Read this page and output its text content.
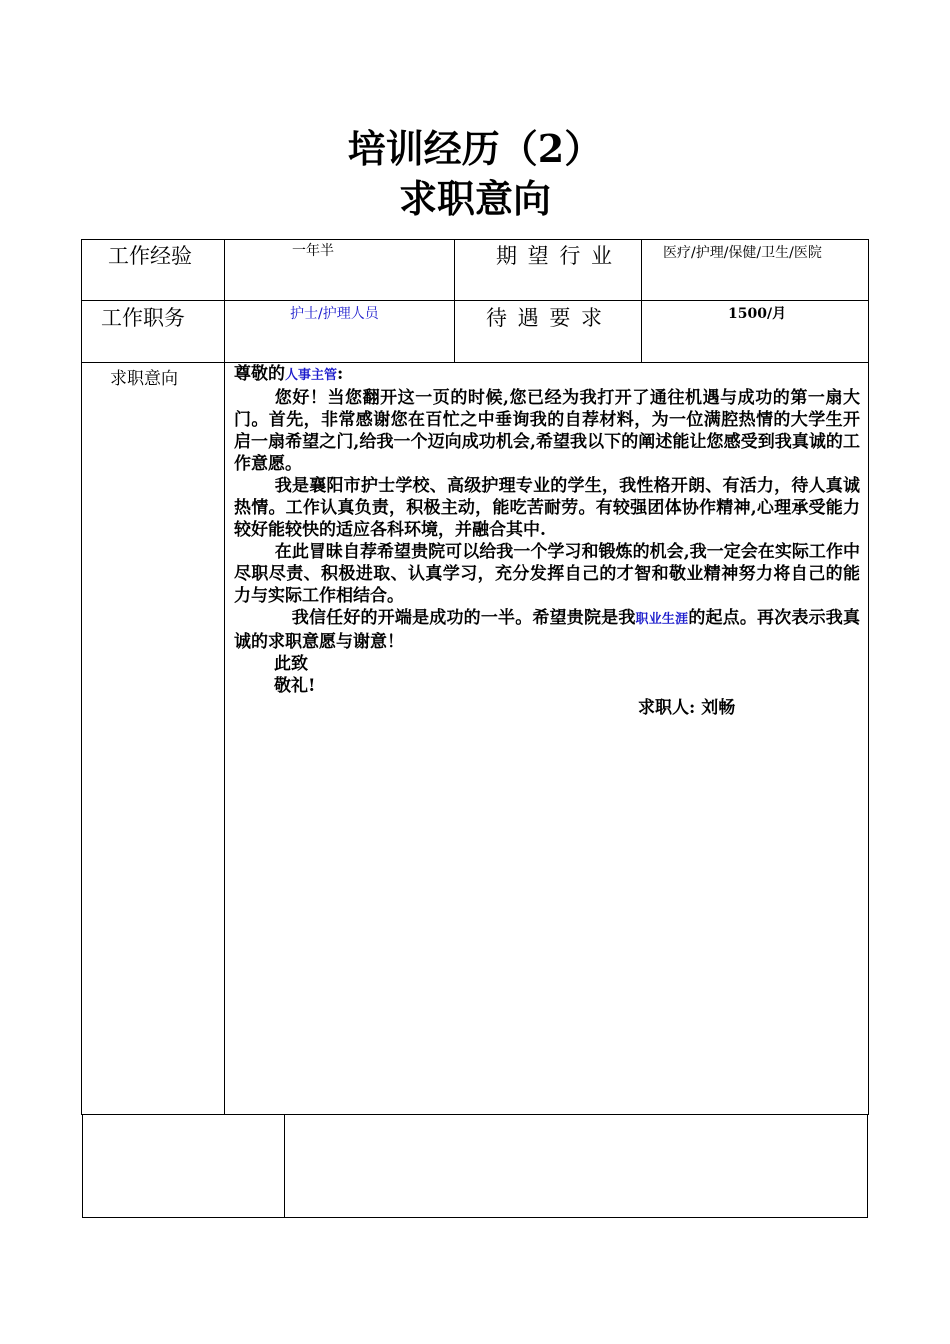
培训经历（2）
求职意向
工作经验	一年半	期 望 行 业	医疗/护理/保健/卫生/医院
工作职务	护士/护理人员	待 遇 要 求	1500/月
求职意向	尊敬的人事主管:

您好！当您翻开这一页的时候,您已经为我打开了通往机遇与成功的第一扇大门。首先，非常感谢您在百忙之中垂询我的自荐材料，为一位满腔热情的大学生开启一扇希望之门,给我一个迈向成功机会,希望我以下的阐述能让您感受到我真诚的工作意愿。

我是襄阳市护士学校、高级护理专业的学生，我性格开朗、有活力，待人真诚热情。工作认真负责，积极主动，能吃苦耐劳。有较强团体协作精神,心理承受能力较好能较快的适应各科环境，并融合其中.

在此冒昧自荐希望贵院可以给我一个学习和锻炼的机会,我一定会在实际工作中尽职尽责、积极进取、认真学习，充分发挥自己的才智和敬业精神努力将自己的能力与实际工作相结合。

我信任好的开端是成功的一半。希望贵院是我职业生涯的起点。再次表示我真诚的求职意愿与谢意！

此致

敬礼!

求职人: 刘畅
